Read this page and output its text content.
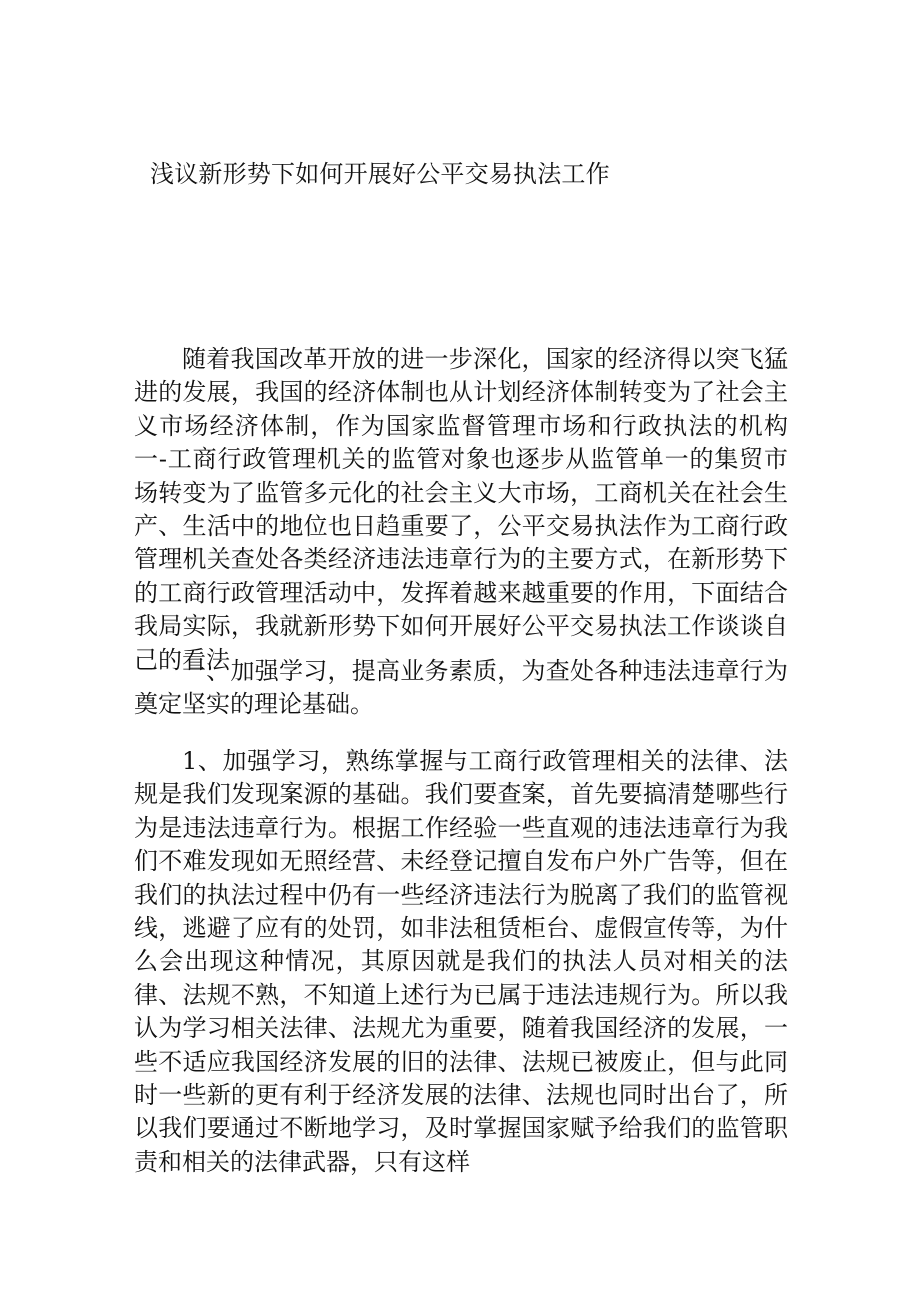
浅议新形势下如何开展好公平交易执法工作

随着我国改革开放的进一步深化，国家的经济得以突飞猛进的发展，我国的经济体制也从计划经济体制转变为了社会主义市场经济体制，作为国家监督管理市场和行政执法的机构一-工商行政管理机关的监管对象也逐步从监管单一的集贸市场转变为了监管多元化的社会主义大市场，工商机关在社会生产、生活中的地位也日趋重要了，公平交易执法作为工商行政管理机关查处各类经济违法违章行为的主要方式，在新形势下的工商行政管理活动中，发挥着越来越重要的作用，下面结合我局实际，我就新形势下如何开展好公平交易执法工作谈谈自己的看法

一、加强学习，提高业务素质，为查处各种违法违章行为奠定坚实的理论基础。

1、加强学习，熟练掌握与工商行政管理相关的法律、法规是我们发现案源的基础。我们要查案，首先要搞清楚哪些行为是违法违章行为。根据工作经验一些直观的违法违章行为我们不难发现如无照经营、未经登记擅自发布户外广告等，但在我们的执法过程中仍有一些经济违法行为脱离了我们的监管视线，逃避了应有的处罚，如非法租赁柜台、虚假宣传等，为什么会出现这种情况，其原因就是我们的执法人员对相关的法律、法规不熟，不知道上述行为已属于违法违规行为。所以我认为学习相关法律、法规尤为重要，随着我国经济的发展，一些不适应我国经济发展的旧的法律、法规已被废止，但与此同时一些新的更有利于经济发展的法律、法规也同时出台了，所以我们要通过不断地学习，及时掌握国家赋予给我们的监管职责和相关的法律武器，只有这样
